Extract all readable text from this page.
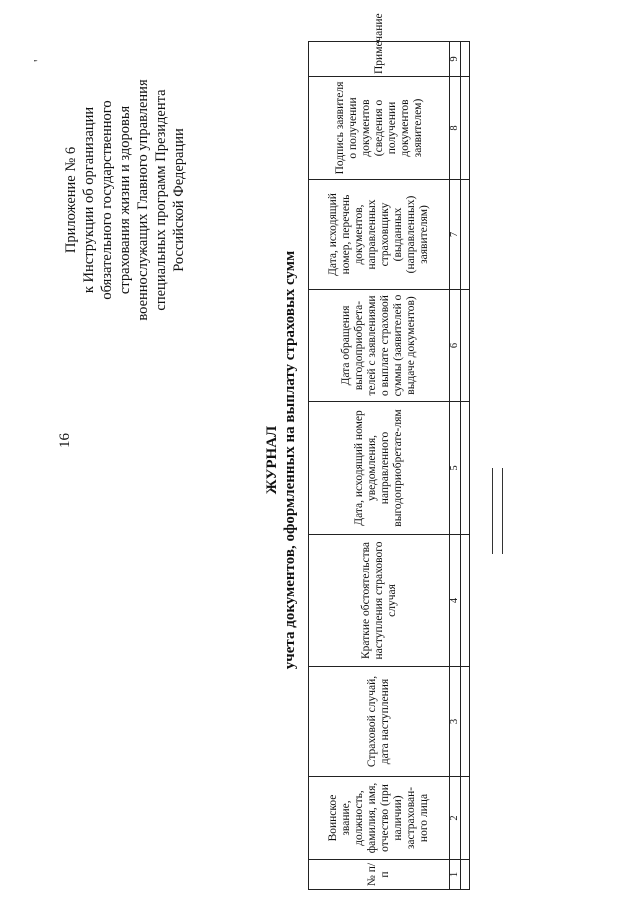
16
Приложение № 6 к Инструкции об организации обязательного государственного страхования жизни и здоровья военнослужащих Главного управления специальных программ Президента Российской Федерации
'
ЖУРНАЛ учета документов, оформленных на выплату страховых сумм
№ п/п	Воинское звание, должность, фамилия, имя, отчество (при наличии) застрахован-ного лица	Страховой случай, дата наступления	Краткие обстоятельства наступления страхового случая	Дата, исходящий номер уведомления, направленного выгодоприобретате-лям	Дата обращения выгодоприобрета-телей с заявлениями о выплате страховой суммы (заявителей о выдаче документов)	Дата, исходящий номер, перечень документов, направленных страховщику (выданных (направленных) заявителям)	Подпись заявителя о получении документов (сведения о получении документов заявителем)	Примечание
1	2	3	4	5	6	7	8	9
